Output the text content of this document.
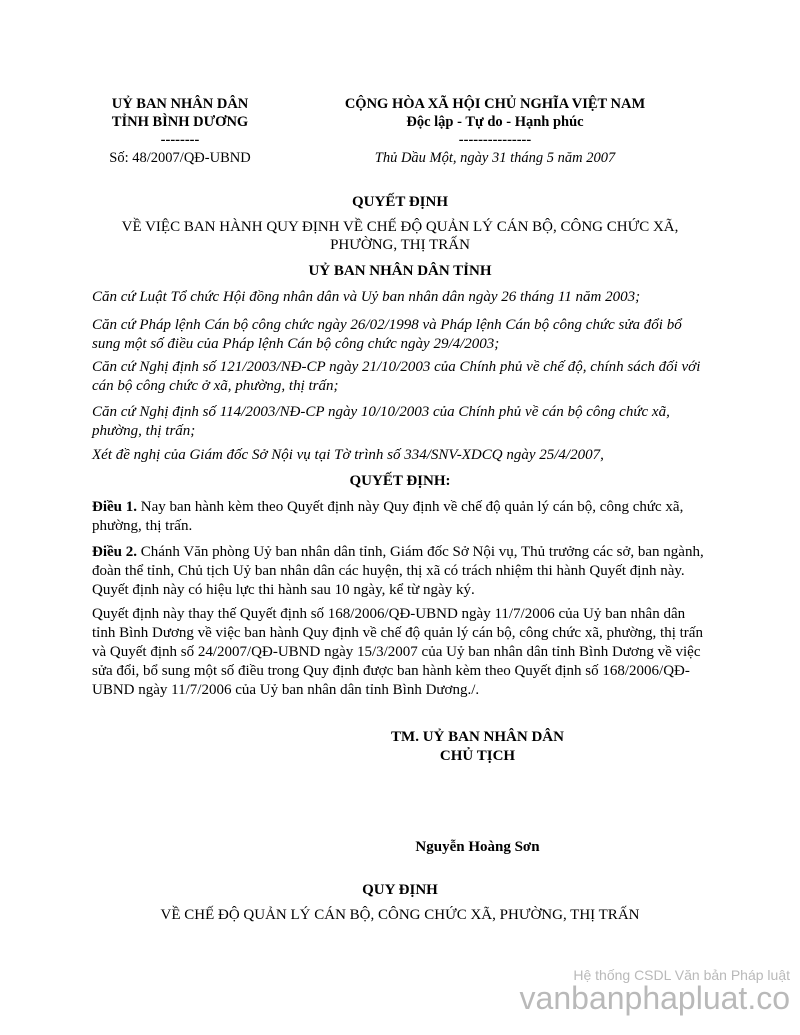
UỶ BAN NHÂN DÂN
TỈNH BÌNH DƯƠNG
--------
Số: 48/2007/QĐ-UBND
CỘNG HÒA XÃ HỘI CHỦ NGHĨA VIỆT NAM
Độc lập - Tự do - Hạnh phúc
---------------
Thủ Dầu Một, ngày 31 tháng 5 năm 2007
QUYẾT ĐỊNH
VỀ VIỆC BAN HÀNH QUY ĐỊNH VỀ CHẾ ĐỘ QUẢN LÝ CÁN BỘ, CÔNG CHỨC XÃ,
PHƯỜNG, THỊ TRẤN
UỶ BAN NHÂN DÂN TỈNH
Căn cứ Luật Tổ chức Hội đồng nhân dân và Uỷ ban nhân dân ngày 26 tháng 11 năm 2003;
Căn cứ Pháp lệnh Cán bộ công chức ngày 26/02/1998 và Pháp lệnh Cán bộ công chức sửa đổi bổ sung một số điều của Pháp lệnh Cán bộ công chức ngày 29/4/2003;
Căn cứ Nghị định số 121/2003/NĐ-CP ngày 21/10/2003 của Chính phủ về chế độ, chính sách đối với cán bộ công chức ở xã, phường, thị trấn;
Căn cứ Nghị định số 114/2003/NĐ-CP ngày 10/10/2003 của Chính phủ về cán bộ công chức xã, phường, thị trấn;
Xét đề nghị của Giám đốc Sở Nội vụ tại Tờ trình số 334/SNV-XDCQ ngày 25/4/2007,
QUYẾT ĐỊNH:
Điều 1. Nay ban hành kèm theo Quyết định này Quy định về chế độ quản lý cán bộ, công chức xã, phường, thị trấn.
Điều 2. Chánh Văn phòng Uỷ ban nhân dân tỉnh, Giám đốc Sở Nội vụ, Thủ trưởng các sở, ban ngành, đoàn thể tỉnh, Chủ tịch Uỷ ban nhân dân các huyện, thị xã có trách nhiệm thi hành Quyết định này. Quyết định này có hiệu lực thi hành sau 10 ngày, kể từ ngày ký.
Quyết định này thay thế Quyết định số 168/2006/QĐ-UBND ngày 11/7/2006 của Uỷ ban nhân dân tỉnh Bình Dương về việc ban hành Quy định về chế độ quản lý cán bộ, công chức xã, phường, thị trấn và Quyết định số 24/2007/QĐ-UBND ngày 15/3/2007 của Uỷ ban nhân dân tỉnh Bình Dương về việc sửa đổi, bổ sung một số điều trong Quy định được ban hành kèm theo Quyết định số 168/2006/QĐ-UBND ngày 11/7/2006 của Uỷ ban nhân dân tỉnh Bình Dương./.
TM. UỶ BAN NHÂN DÂN
CHỦ TỊCH
Nguyễn Hoàng Sơn
QUY ĐỊNH
VỀ CHẾ ĐỘ QUẢN LÝ CÁN BỘ, CÔNG CHỨC XÃ, PHƯỜNG, THỊ TRẤN
Hệ thống CSDL Văn bản Pháp luật
vanbanphapluat.co
